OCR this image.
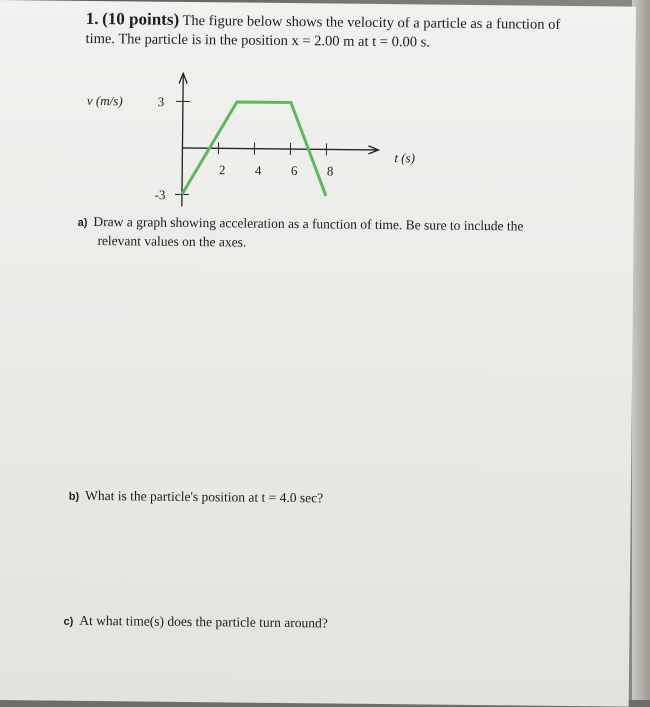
1. (10 points) The figure below shows the velocity of a particle as a function of
time. The particle is in the position x = 2.00 m at t = 0.00 s.
v (m/s)
t (s)
2 4 6 8
3
-3
a) Draw a graph showing acceleration as a function of time. Be sure to include the
relevant values on the axes.
b) What is the particle's position at t = 4.0 sec?
c) At what time(s) does the particle turn around?
